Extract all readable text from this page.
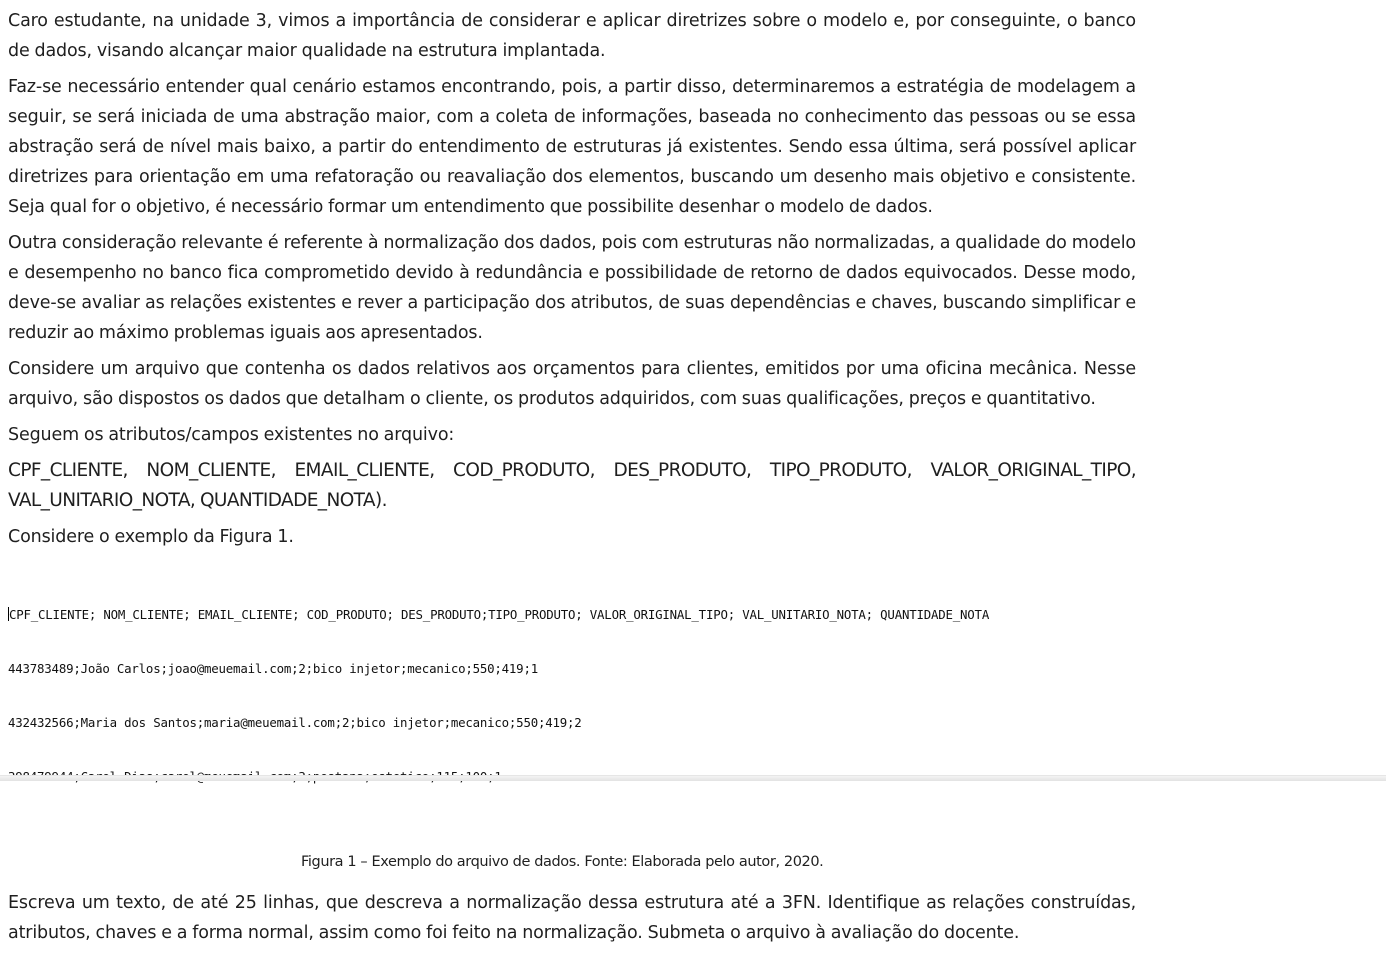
Caro estudante, na unidade 3, vimos a importância de considerar e aplicar diretrizes sobre o modelo e, por conseguinte, o banco de dados, visando alcançar maior qualidade na estrutura implantada.

Faz-se necessário entender qual cenário estamos encontrando, pois, a partir disso, determinaremos a estratégia de modelagem a seguir, se será iniciada de uma abstração maior, com a coleta de informações, baseada no conhecimento das pessoas ou se essa abstração será de nível mais baixo, a partir do entendimento de estruturas já existentes. Sendo essa última, será possível aplicar diretrizes para orientação em uma refatoração ou reavaliação dos elementos, buscando um desenho mais objetivo e consistente. Seja qual for o objetivo, é necessário formar um entendimento que possibilite desenhar o modelo de dados.

Outra consideração relevante é referente à normalização dos dados, pois com estruturas não normalizadas, a qualidade do modelo e desempenho no banco fica comprometido devido à redundância e possibilidade de retorno de dados equivocados. Desse modo, deve-se avaliar as relações existentes e rever a participação dos atributos, de suas dependências e chaves, buscando simplificar e reduzir ao máximo problemas iguais aos apresentados.

Considere um arquivo que contenha os dados relativos aos orçamentos para clientes, emitidos por uma oficina mecânica. Nesse arquivo, são dispostos os dados que detalham o cliente, os produtos adquiridos, com suas qualificações, preços e quantitativo.

Seguem os atributos/campos existentes no arquivo:

CPF_CLIENTE, NOM_CLIENTE, EMAIL_CLIENTE, COD_PRODUTO, DES_PRODUTO, TIPO_PRODUTO, VALOR_ORIGINAL_TIPO, VAL_UNITARIO_NOTA, QUANTIDADE_NOTA).

Considere o exemplo da Figura 1.

CPF_CLIENTE; NOM_CLIENTE; EMAIL_CLIENTE; COD_PRODUTO; DES_PRODUTO;TIPO_PRODUTO; VALOR_ORIGINAL_TIPO; VAL_UNITARIO_NOTA; QUANTIDADE_NOTA

443783489;João Carlos;joao@meuemail.com;2;bico injetor;mecanico;550;419;1

432432566;Maria dos Santos;maria@meuemail.com;2;bico injetor;mecanico;550;419;2

Figura 1 – Exemplo do arquivo de dados. Fonte: Elaborada pelo autor, 2020.

Escreva um texto, de até 25 linhas, que descreva a normalização dessa estrutura até a 3FN. Identifique as relações construídas, atributos, chaves e a forma normal, assim como foi feito na normalização. Submeta o arquivo à avaliação do docente.
